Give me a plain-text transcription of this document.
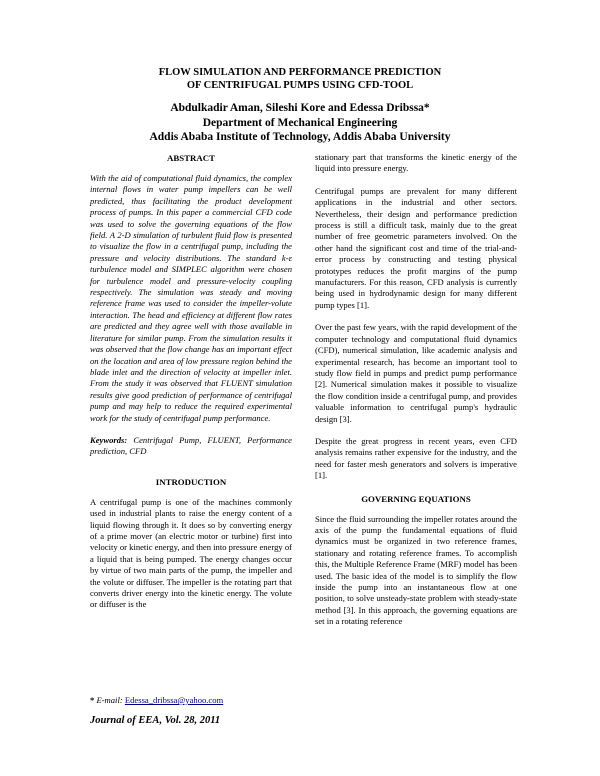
FLOW SIMULATION AND PERFORMANCE PREDICTION
OF CENTRIFUGAL PUMPS USING CFD-TOOL
Abdulkadir Aman, Sileshi Kore and Edessa Dribssa*
Department of Mechanical Engineering
Addis Ababa Institute of Technology, Addis Ababa University
ABSTRACT
With the aid of computational fluid dynamics, the complex internal flows in water pump impellers can be well predicted, thus facilitating the product development process of pumps. In this paper a commercial CFD code was used to solve the governing equations of the flow field. A 2-D simulation of turbulent fluid flow is presented to visualize the flow in a centrifugal pump, including the pressure and velocity distributions. The standard k-ε turbulence model and SIMPLEC algorithm were chosen for turbulence model and pressure-velocity coupling respectively. The simulation was steady and moving reference frame was used to consider the impeller-volute interaction. The head and efficiency at different flow rates are predicted and they agree well with those available in literature for similar pump. From the simulation results it was observed that the flow change has an important effect on the location and area of low pressure region behind the blade inlet and the direction of velocity at impeller inlet. From the study it was observed that FLUENT simulation results give good prediction of performance of centrifugal pump and may help to reduce the required experimental work for the study of centrifugal pump performance.
Keywords: Centrifugal Pump, FLUENT, Performance prediction, CFD
INTRODUCTION
A centrifugal pump is one of the machines commonly used in industrial plants to raise the energy content of a liquid flowing through it. It does so by converting energy of a prime mover (an electric motor or turbine) first into velocity or kinetic energy, and then into pressure energy of a liquid that is being pumped. The energy changes occur by virtue of two main parts of the pump, the impeller and the volute or diffuser. The impeller is the rotating part that converts driver energy into the kinetic energy. The volute or diffuser is the
stationary part that transforms the kinetic energy of the liquid into pressure energy.
Centrifugal pumps are prevalent for many different applications in the industrial and other sectors. Nevertheless, their design and performance prediction process is still a difficult task, mainly due to the great number of free geometric parameters involved. On the other hand the significant cost and time of the trial-and-error process by constructing and testing physical prototypes reduces the profit margins of the pump manufacturers. For this reason, CFD analysis is currently being used in hydrodynamic design for many different pump types [1].
Over the past few years, with the rapid development of the computer technology and computational fluid dynamics (CFD), numerical simulation, like academic analysis and experimental research, has become an important tool to study flow field in pumps and predict pump performance [2]. Numerical simulation makes it possible to visualize the flow condition inside a centrifugal pump, and provides valuable information to centrifugal pump's hydraulic design [3].
Despite the great progress in recent years, even CFD analysis remains rather expensive for the industry, and the need for faster mesh generators and solvers is imperative [1].
GOVERNING EQUATIONS
Since the fluid surrounding the impeller rotates around the axis of the pump the fundamental equations of fluid dynamics must be organized in two reference frames, stationary and rotating reference frames. To accomplish this, the Multiple Reference Frame (MRF) model has been used. The basic idea of the model is to simplify the flow inside the pump into an instantaneous flow at one position, to solve unsteady-state problem with steady-state method [3]. In this approach, the governing equations are set in a rotating reference
* E-mail: Edessa_dribssa@yahoo.com
Journal of EEA, Vol. 28, 2011
